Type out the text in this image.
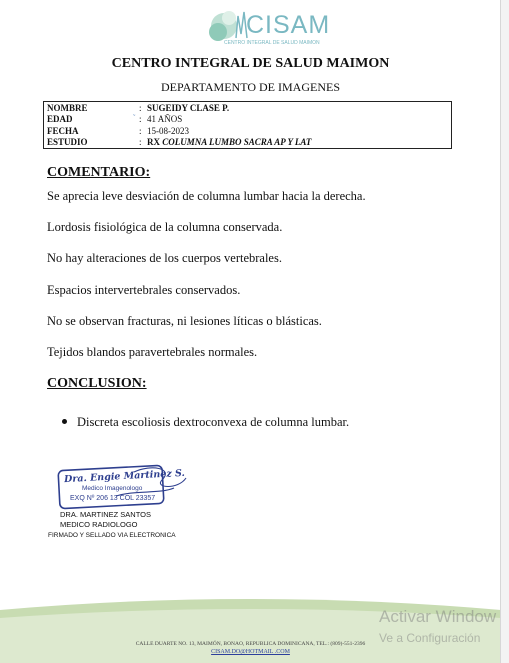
CISAM
CENTRO INTEGRAL DE SALUD MAIMON
CENTRO INTEGRAL DE SALUD MAIMON
DEPARTAMENTO DE IMAGENES
NOMBRE	˷ : SUGEIDY CLASE P.
EDAD	: 41 AÑOS
FECHA	: 15-08-2023
ESTUDIO	: RX COLUMNA LUMBO SACRA AP Y LAT
COMENTARIO:
Se aprecia leve desviación de columna lumbar hacia la derecha.
Lordosis fisiológica de la columna conservada.
No hay alteraciones de los cuerpos vertebrales.
Espacios intervertebrales conservados.
No se observan fracturas, ni lesiones líticas o blásticas.
Tejidos blandos paravertebrales normales.
CONCLUSION:
Discreta escoliosis dextroconvexa de columna lumbar.
Dra. Engie Martinez S.
Medico Imagenologo
EXQ Nº 206 13 COL 23357
DRA. MARTINEZ SANTOS
MEDICO RADIOLOGO
FIRMADO Y SELLADO VIA ELECTRONICA
CALLE DUARTE NO. 13, MAIMÓN, BONAO, REPUBLICA DOMINICANA, TEL.: (809)-551-2396
CISAM.DO@HOTMAIL .COM
Activar Window
Ve a Configuración
